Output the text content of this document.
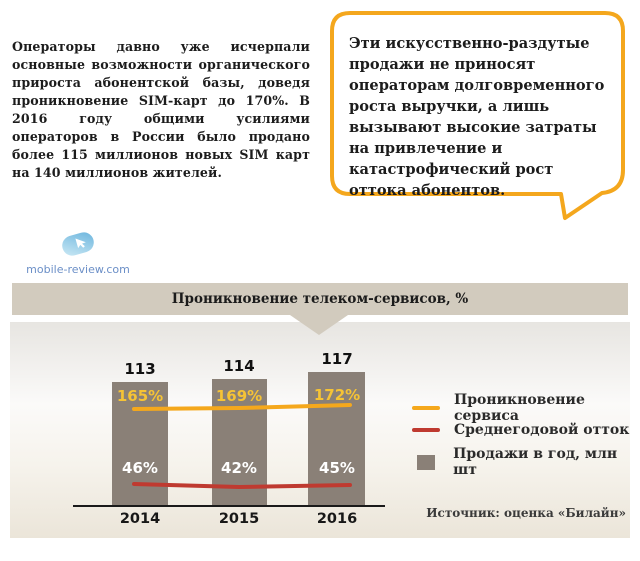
Операторы давно уже исчерпали основные возможности органического прироста абонентской базы, доведя проникновение SIM-карт до 170%. В 2016 году общими усилиями операторов в России было продано более 115 миллионов новых SIM карт на 140 миллионов жителей.
Эти искусственно-раздутые продажи не приносят операторам долговременного роста выручки, а лишь вызывают высокие затраты на привлечение и катастрофический рост оттока абонентов.
mobile-review.com
Проникновение телеком-сервисов, %
113	114	117
165%	169%	172%
46%	42%	45%
2014	2015	2016
Проникновение сервиса
Среднегодовой отток
Продажи в год, млн шт
Источник: оценка «Билайн»
